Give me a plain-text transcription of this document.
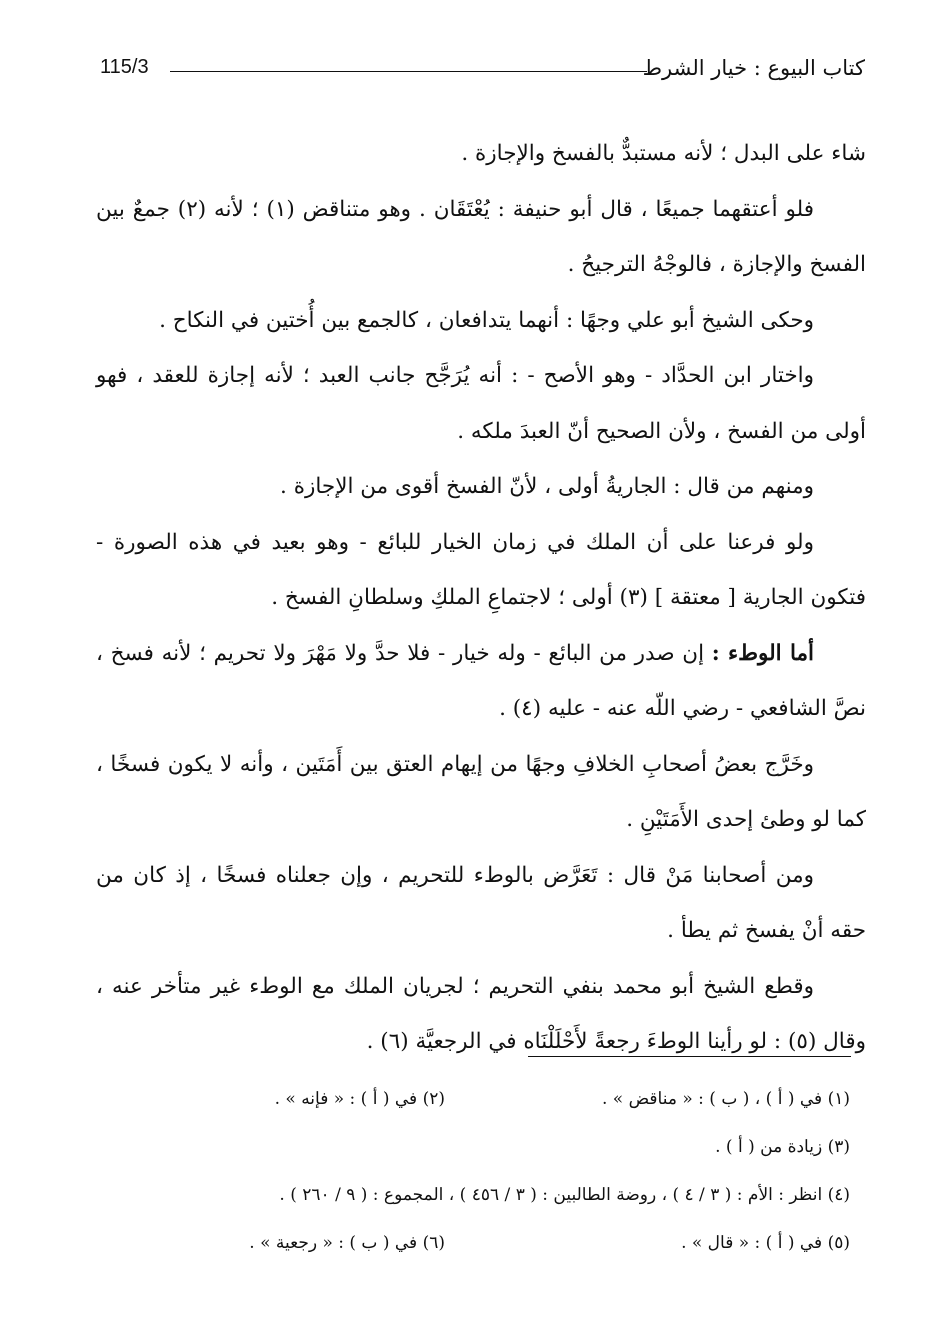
115/3	كتاب البيوع : خيار الشرط

شاء على البدل ؛ لأنه مستبدٌّ بالفسخ والإجازة .

فلو أعتقهما جميعًا ، قال أبو حنيفة : يُعْتَقَان . وهو متناقض (١) ؛ لأنه (٢) جمعٌ بين الفسخ والإجازة ، فالوجْهُ الترجيحُ .

وحكى الشيخ أبو علي وجهًا : أنهما يتدافعان ، كالجمع بين أُختين في النكاح .

واختار ابن الحدَّاد - وهو الأصح - : أنه يُرَجَّح جانب العبد ؛ لأنه إجازة للعقد ، فهو أولى من الفسخ ، ولأن الصحيح أنّ العبدَ ملكه .

ومنهم من قال : الجاريةُ أولى ، لأنّ الفسخ أقوى من الإجازة .

ولو فرعنا على أن الملك في زمان الخيار للبائع - وهو بعيد في هذه الصورة - فتكون الجارية [ معتقة ] (٣) أولى ؛ لاجتماعِ الملكِ وسلطانِ الفسخ .

أما الوطء : إن صدر من البائع - وله خيار - فلا حدَّ ولا مَهْرَ ولا تحريم ؛ لأنه فسخ ، نصَّ الشافعي - رضي اللّه عنه - عليه (٤) .

وخَرَّج بعضُ أصحابِ الخلافِ وجهًا من إيهام العتق بين أَمَتَين ، وأنه لا يكون فسخًا ، كما لو وطئ إحدى الأَمَتَيْنِ .

ومن أصحابنا مَنْ قال : تَعَرَّض بالوطء للتحريم ، وإن جعلناه فسخًا ، إذ كان من حقه أنْ يفسخ ثم يطأ .

وقطع الشيخ أبو محمد بنفي التحريم ؛ لجريان الملك مع الوطء غير متأخر عنه ، وقال (٥) : لو رأينا الوطءَ رجعةً لأَحْلَلْنَاه في الرجعيَّة (٦) .

(١) في ( أ ) ، ( ب ) : « مناقض » .
(٢) في ( أ ) : « فإنه » .
(٣) زيادة من ( أ ) .
(٤) انظر : الأم : ( ٣ / ٤ ) ، روضة الطالبين : ( ٣ / ٤٥٦ ) ، المجموع : ( ٩ / ٢٦٠ ) .
(٥) في ( أ ) : « قال » .
(٦) في ( ب ) : « رجعية » .
